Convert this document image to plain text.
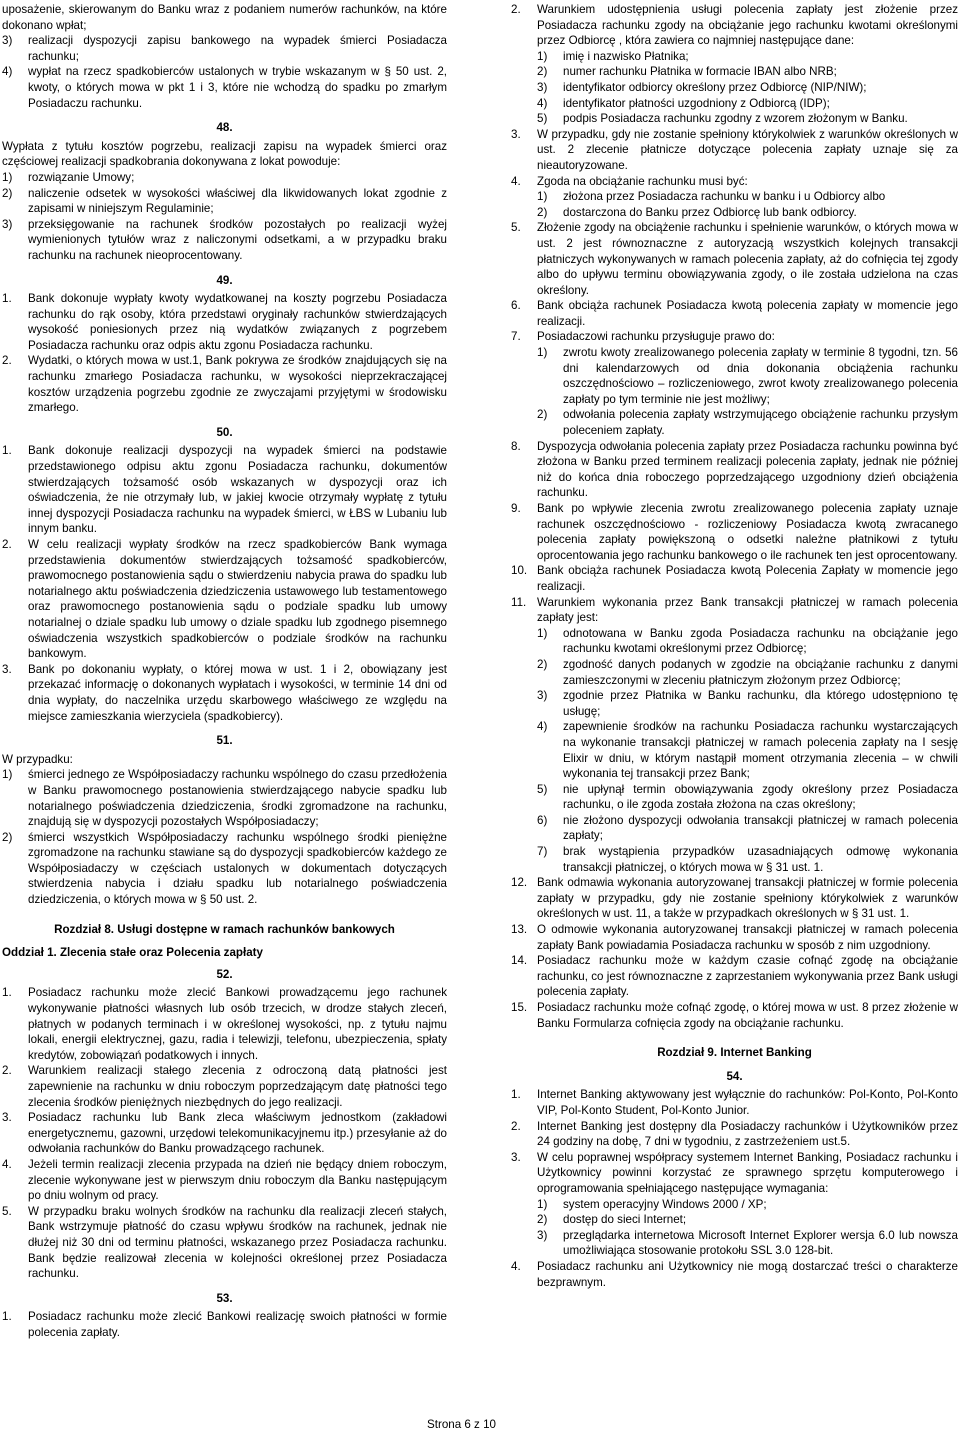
uposażenie, skierowanym do Banku wraz z podaniem numerów rachunków, na które dokonano wpłat;

3)	realizacji dyspozycji zapisu bankowego na wypadek śmierci Posiadacza rachunku;
4)	wypłat na rzecz spadkobierców ustalonych w trybie wskazanym w § 50 ust. 2, kwoty, o których mowa w pkt 1 i 3, które nie wchodzą do spadku po zmarłym Posiadaczu rachunku.
48.

Wypłata z tytułu kosztów pogrzebu, realizacji zapisu na wypadek śmierci oraz częściowej realizacji spadkobrania dokonywana z lokat powoduje:

1)	rozwiązanie Umowy;
2)	naliczenie odsetek w wysokości właściwej dla likwidowanych lokat zgodnie z zapisami w niniejszym Regulaminie;
3)	przeksięgowanie na rachunek środków pozostałych po realizacji wyżej wymienionych tytułów wraz z naliczonymi odsetkami, a w przypadku braku rachunku na rachunek nieoprocentowany.
49.
1.	Bank dokonuje wypłaty kwoty wydatkowanej na koszty pogrzebu Posiadacza rachunku do rąk osoby, która przedstawi oryginały rachunków stwierdzających wysokość poniesionych przez nią wydatków związanych z pogrzebem Posiadacza rachunku oraz odpis aktu zgonu Posiadacza rachunku.
2.	Wydatki, o których mowa w ust.1, Bank pokrywa ze środków znajdujących się na rachunku zmarłego Posiadacza rachunku, w wysokości nieprzekraczającej kosztów urządzenia pogrzebu zgodnie ze zwyczajami przyjętymi w środowisku zmarłego.
50.
1.	Bank dokonuje realizacji dyspozycji na wypadek śmierci na podstawie przedstawionego odpisu aktu zgonu Posiadacza rachunku, dokumentów stwierdzających tożsamość osób wskazanych w dyspozycji oraz ich oświadczenia, że nie otrzymały lub, w jakiej kwocie otrzymały wypłatę z tytułu innej dyspozycji Posiadacza rachunku na wypadek śmierci, w ŁBS w Lubaniu lub innym banku.
2.	W celu realizacji wypłaty środków na rzecz spadkobierców Bank wymaga przedstawienia dokumentów stwierdzających tożsamość spadkobierców, prawomocnego postanowienia sądu o stwierdzeniu nabycia prawa do spadku lub notarialnego aktu poświadczenia dziedziczenia ustawowego lub testamentowego oraz prawomocnego postanowienia sądu o podziale spadku lub umowy notarialnej o dziale spadku lub umowy o dziale spadku lub zgodnego pisemnego oświadczenia wszystkich spadkobierców o podziale środków na rachunku bankowym.
3.	Bank po dokonaniu wypłaty, o której mowa w ust. 1 i 2, obowiązany jest przekazać informację o dokonanych wypłatach i wysokości, w terminie 14 dni od dnia wypłaty, do naczelnika urzędu skarbowego właściwego ze względu na miejsce zamieszkania wierzyciela (spadkobiercy).
51.

W przypadku:

1)	śmierci jednego ze Współposiadaczy rachunku wspólnego do czasu przedłożenia w Banku prawomocnego postanowienia stwierdzającego nabycie spadku lub notarialnego poświadczenia dziedziczenia, środki zgromadzone na rachunku, znajdują się w dyspozycji pozostałych Współposiadaczy;
2)	śmierci wszystkich Współposiadaczy rachunku wspólnego środki pieniężne zgromadzone na rachunku stawiane są do dyspozycji spadkobierców każdego ze Współposiadaczy w częściach ustalonych w dokumentach dotyczących stwierdzenia nabycia i działu spadku lub notarialnego poświadczenia dziedziczenia, o których mowa w § 50 ust. 2.
Rozdział 8. Usługi dostępne w ramach rachunków bankowych
Oddział 1. Zlecenia stałe oraz Polecenia zapłaty
52.
1.	Posiadacz rachunku może zlecić Bankowi prowadzącemu jego rachunek wykonywanie płatności własnych lub osób trzecich, w drodze stałych zleceń, płatnych w podanych terminach i w określonej wysokości, np. z tytułu najmu lokali, energii elektrycznej, gazu, radia i telewizji, telefonu, ubezpieczenia, spłaty kredytów, zobowiązań podatkowych i innych.
2.	Warunkiem realizacji stałego zlecenia z odroczoną datą płatności jest zapewnienie na rachunku w dniu roboczym poprzedzającym datę płatności tego zlecenia środków pieniężnych niezbędnych do jego realizacji.
3.	Posiadacz rachunku lub Bank zleca właściwym jednostkom (zakładowi energetycznemu, gazowni, urzędowi telekomunikacyjnemu itp.) przesyłanie aż do odwołania rachunków do Banku prowadzącego rachunek.
4.	Jeżeli termin realizacji zlecenia przypada na dzień nie będący dniem roboczym, zlecenie wykonywane jest w pierwszym dniu roboczym dla Banku następującym po dniu wolnym od pracy.
5.	W przypadku braku wolnych środków na rachunku dla realizacji zleceń stałych, Bank wstrzymuje płatność do czasu wpływu środków na rachunek, jednak nie dłużej niż 30 dni od terminu płatności, wskazanego przez Posiadacza rachunku. Bank będzie realizował zlecenia w kolejności określonej przez Posiadacza rachunku.
53.
1.	Posiadacz rachunku może zlecić Bankowi realizację swoich płatności w formie polecenia zapłaty.
2.	Warunkiem udostępnienia usługi polecenia zapłaty jest złożenie przez Posiadacza rachunku zgody na obciążanie jego rachunku kwotami określonymi przez Odbiorcę , która zawiera co najmniej następujące dane:
1)	imię i nazwisko Płatnika;
2)	numer rachunku Płatnika w formacie IBAN albo NRB;
3)	identyfikator odbiorcy określony przez Odbiorcę (NIP/NIW);
4)	identyfikator płatności uzgodniony z Odbiorcą (IDP);
5)	podpis Posiadacza rachunku zgodny z wzorem złożonym w Banku.
3.	W przypadku, gdy nie zostanie spełniony którykolwiek z warunków określonych w ust. 2 zlecenie płatnicze dotyczące polecenia zapłaty uznaje się za nieautoryzowane.
4.	Zgoda na obciążanie rachunku musi być:
1)	złożona przez Posiadacza rachunku w banku i u Odbiorcy albo
2)	dostarczona do Banku przez Odbiorcę lub bank odbiorcy.
5.	Złożenie zgody na obciążenie rachunku i spełnienie warunków, o których mowa w ust. 2 jest równoznaczne z autoryzacją wszystkich kolejnych transakcji płatniczych wykonywanych w ramach polecenia zapłaty, aż do cofnięcia tej zgody albo do upływu terminu obowiązywania zgody, o ile została udzielona na czas określony.
6.	Bank obciąża rachunek Posiadacza kwotą polecenia zapłaty w momencie jego realizacji.
7.	Posiadaczowi rachunku przysługuje prawo do:
1)	zwrotu kwoty zrealizowanego polecenia zapłaty w terminie 8 tygodni, tzn. 56 dni kalendarzowych od dnia dokonania obciążenia rachunku oszczędnościowo – rozliczeniowego, zwrot kwoty zrealizowanego polecenia zapłaty po tym terminie nie jest możliwy;
2)	odwołania polecenia zapłaty wstrzymującego obciążenie rachunku przysłym poleceniem zapłaty.
8.	Dyspozycja odwołania polecenia zapłaty przez Posiadacza rachunku powinna być złożona w Banku przed terminem realizacji polecenia zapłaty, jednak nie później niż do końca dnia roboczego poprzedzającego uzgodniony dzień obciążenia rachunku.
9.	Bank po wpływie zlecenia zwrotu zrealizowanego polecenia zapłaty uznaje rachunek oszczędnościowo - rozliczeniowy Posiadacza kwotą zwracanego polecenia zapłaty powiększoną o odsetki należne płatnikowi z tytułu oprocentowania jego rachunku bankowego o ile rachunek ten jest oprocentowany.
10. Bank obciąża rachunek Posiadacza kwotą Polecenia Zapłaty w momencie jego realizacji.
11. Warunkiem wykonania przez Bank transakcji płatniczej w ramach polecenia zapłaty jest:
1)	odnotowana w Banku zgoda Posiadacza rachunku na obciążanie jego rachunku kwotami określonymi przez Odbiorcę;
2)	zgodność danych podanych w zgodzie na obciążanie rachunku z danymi zamieszczonymi w zleceniu płatniczym złożonym przez Odbiorcę;
3)	zgodnie przez Płatnika w Banku rachunku, dla którego udostępniono tę usługę;
4)	zapewnienie środków na rachunku Posiadacza rachunku wystarczających na wykonanie transakcji płatniczej w ramach polecenia zapłaty na I sesję Elixir w dniu, w którym nastąpił moment otrzymania zlecenia – w chwili wykonania tej transakcji przez Bank;
5)	nie upłynął termin obowiązywania zgody określony przez Posiadacza rachunku, o ile zgoda została złożona na czas określony;
6)	nie złożono dyspozycji odwołania transakcji płatniczej w ramach polecenia zapłaty;
7)	brak wystąpienia przypadków uzasadniających odmowę wykonania transakcji płatniczej, o których mowa w § 31 ust. 1.
12. Bank odmawia wykonania autoryzowanej transakcji płatniczej w formie polecenia zapłaty w przypadku, gdy nie zostanie spełniony którykolwiek z warunków określonych w ust. 11, a także w przypadkach określonych w § 31 ust. 1.
13. O odmowie wykonania autoryzowanej transakcji płatniczej w ramach polecenia zapłaty Bank powiadamia Posiadacza rachunku w sposób z nim uzgodniony.
14. Posiadacz rachunku może w każdym czasie cofnąć zgodę na obciążanie rachunku, co jest równoznaczne z zaprzestaniem wykonywania przez Bank usługi polecenia zapłaty.
15. Posiadacz rachunku może cofnąć zgodę, o której mowa w ust. 8 przez złożenie w Banku Formularza cofnięcia zgody na obciążanie rachunku.
Rozdział 9. Internet Banking
54.
1.	Internet Banking aktywowany jest wyłącznie do rachunków: Pol-Konto, Pol-Konto VIP, Pol-Konto Student, Pol-Konto Junior.
2.	Internet Banking jest dostępny dla Posiadaczy rachunków i Użytkowników przez 24 godziny na dobę, 7 dni w tygodniu, z zastrzeżeniem ust.5.
3.	W celu poprawnej współpracy systemem Internet Banking, Posiadacz rachunku i Użytkownicy powinni korzystać ze sprawnego sprzętu komputerowego i oprogramowania spełniającego następujące wymagania:
1)	system operacyjny Windows 2000 / XP;
2)	dostęp do sieci Internet;
3)	przeglądarka internetowa Microsoft Internet Explorer wersja 6.0 lub nowsza umożliwiająca stosowanie protokołu SSL 3.0 128-bit.
4.	Posiadacz rachunku ani Użytkownicy nie mogą dostarczać treści o charakterze bezprawnym.
Strona 6 z 10
